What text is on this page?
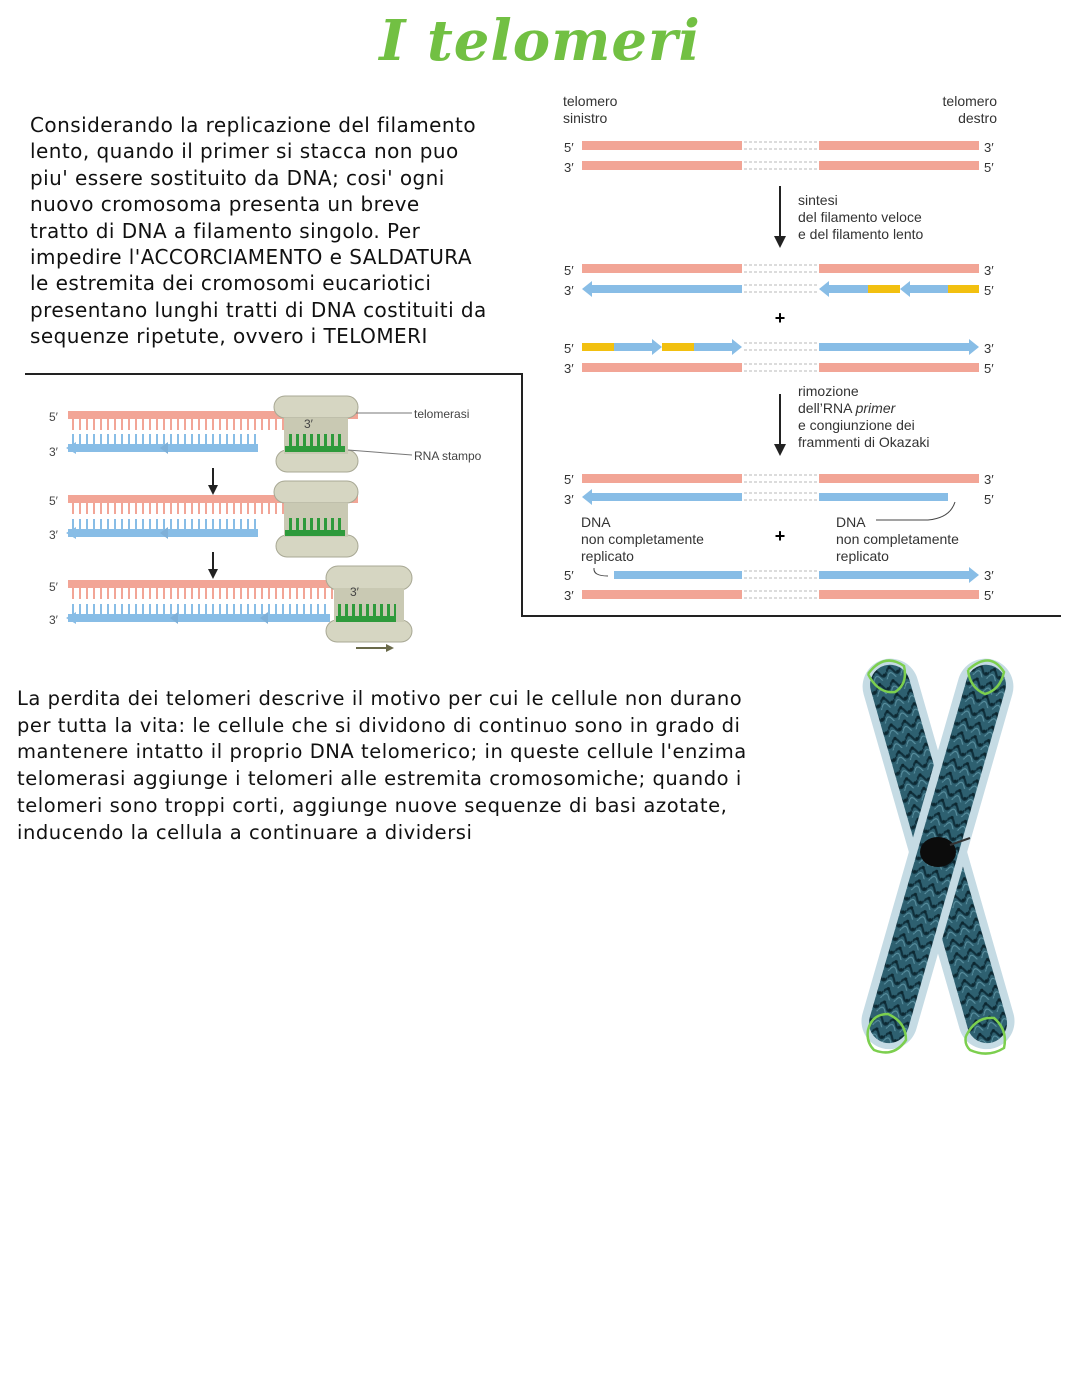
I telomeri
Considerando la replicazione del filamento
lento, quando il primer si stacca non puo
piu' essere sostituito da DNA; cosi' ogni
nuovo cromosoma presenta un breve
tratto di DNA a filamento singolo. Per
impedire l'ACCORCIAMENTO e SALDATURA
le estremita dei cromosomi eucariotici
presentano lunghi tratti di DNA costituiti da
sequenze ripetute, ovvero i TELOMERI
telomero
sinistro
telomero
destro
5′
3′
3′
5′
sintesi
del filamento veloce
e del filamento lento
5′
3′
3′
5′
+
5′
3′
3′
5′
rimozione
dell’RNA primer
e congiunzione dei
frammenti di Okazaki
5′
3′
3′
5′
DNA
non completamente
replicato
DNA
non completamente
replicato
+
5′
3′
3′
5′
5′
3′
3′
telomerasi
RNA stampo
5′
3′
5′
3′
3′
La perdita dei telomeri descrive il motivo per cui le cellule non durano
per tutta la vita: le cellule che si dividono di continuo sono in grado di
mantenere intatto il proprio DNA telomerico; in queste cellule l'enzima
telomerasi aggiunge i telomeri alle estremita cromosomiche; quando i
telomeri sono troppi corti, aggiunge nuove sequenze di basi azotate,
inducendo la cellula a continuare a dividersi
